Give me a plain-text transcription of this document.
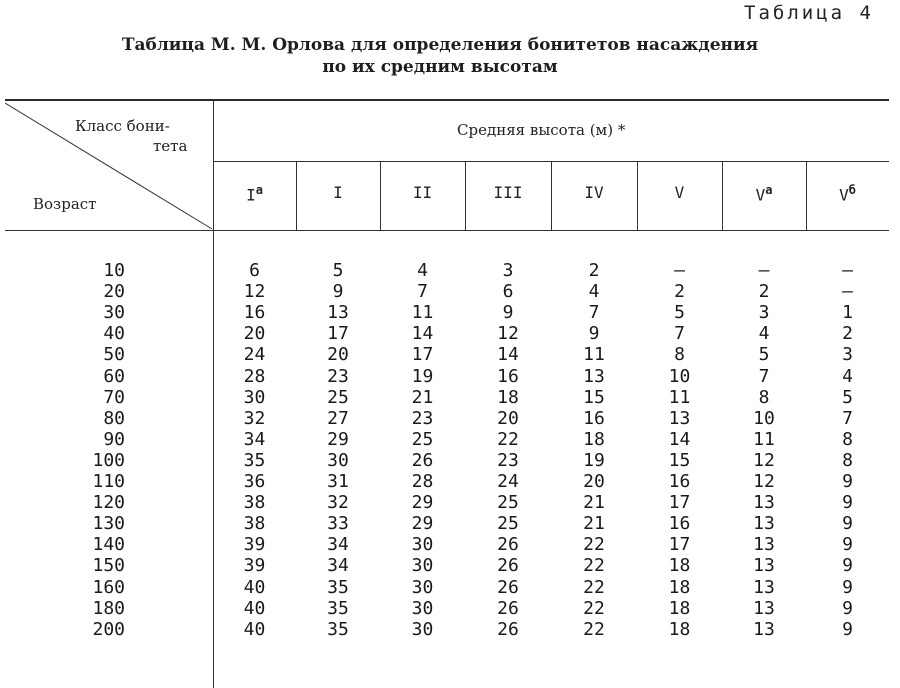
Таблица 4
Таблица М. М. Орлова для определения бонитетов насаждения
по их средним высотам
Класс бони-
тета
Возраст
Средняя высота (м) *
$I^а$	I	II	III	IV	V	$V^а$	$V^б$
10	6	5	4	3	2	—	—	—
20	12	9	7	6	4	2	2	—
30	16	13	11	9	7	5	3	1
40	20	17	14	12	9	7	4	2
50	24	20	17	14	11	8	5	3
60	28	23	19	16	13	10	7	4
70	30	25	21	18	15	11	8	5
80	32	27	23	20	16	13	10	7
90	34	29	25	22	18	14	11	8
100	35	30	26	23	19	15	12	8
110	36	31	28	24	20	16	12	9
120	38	32	29	25	21	17	13	9
130	38	33	29	25	21	16	13	9
140	39	34	30	26	22	17	13	9
150	39	34	30	26	22	18	13	9
160	40	35	30	26	22	18	13	9
180	40	35	30	26	22	18	13	9
200	40	35	30	26	22	18	13	9
